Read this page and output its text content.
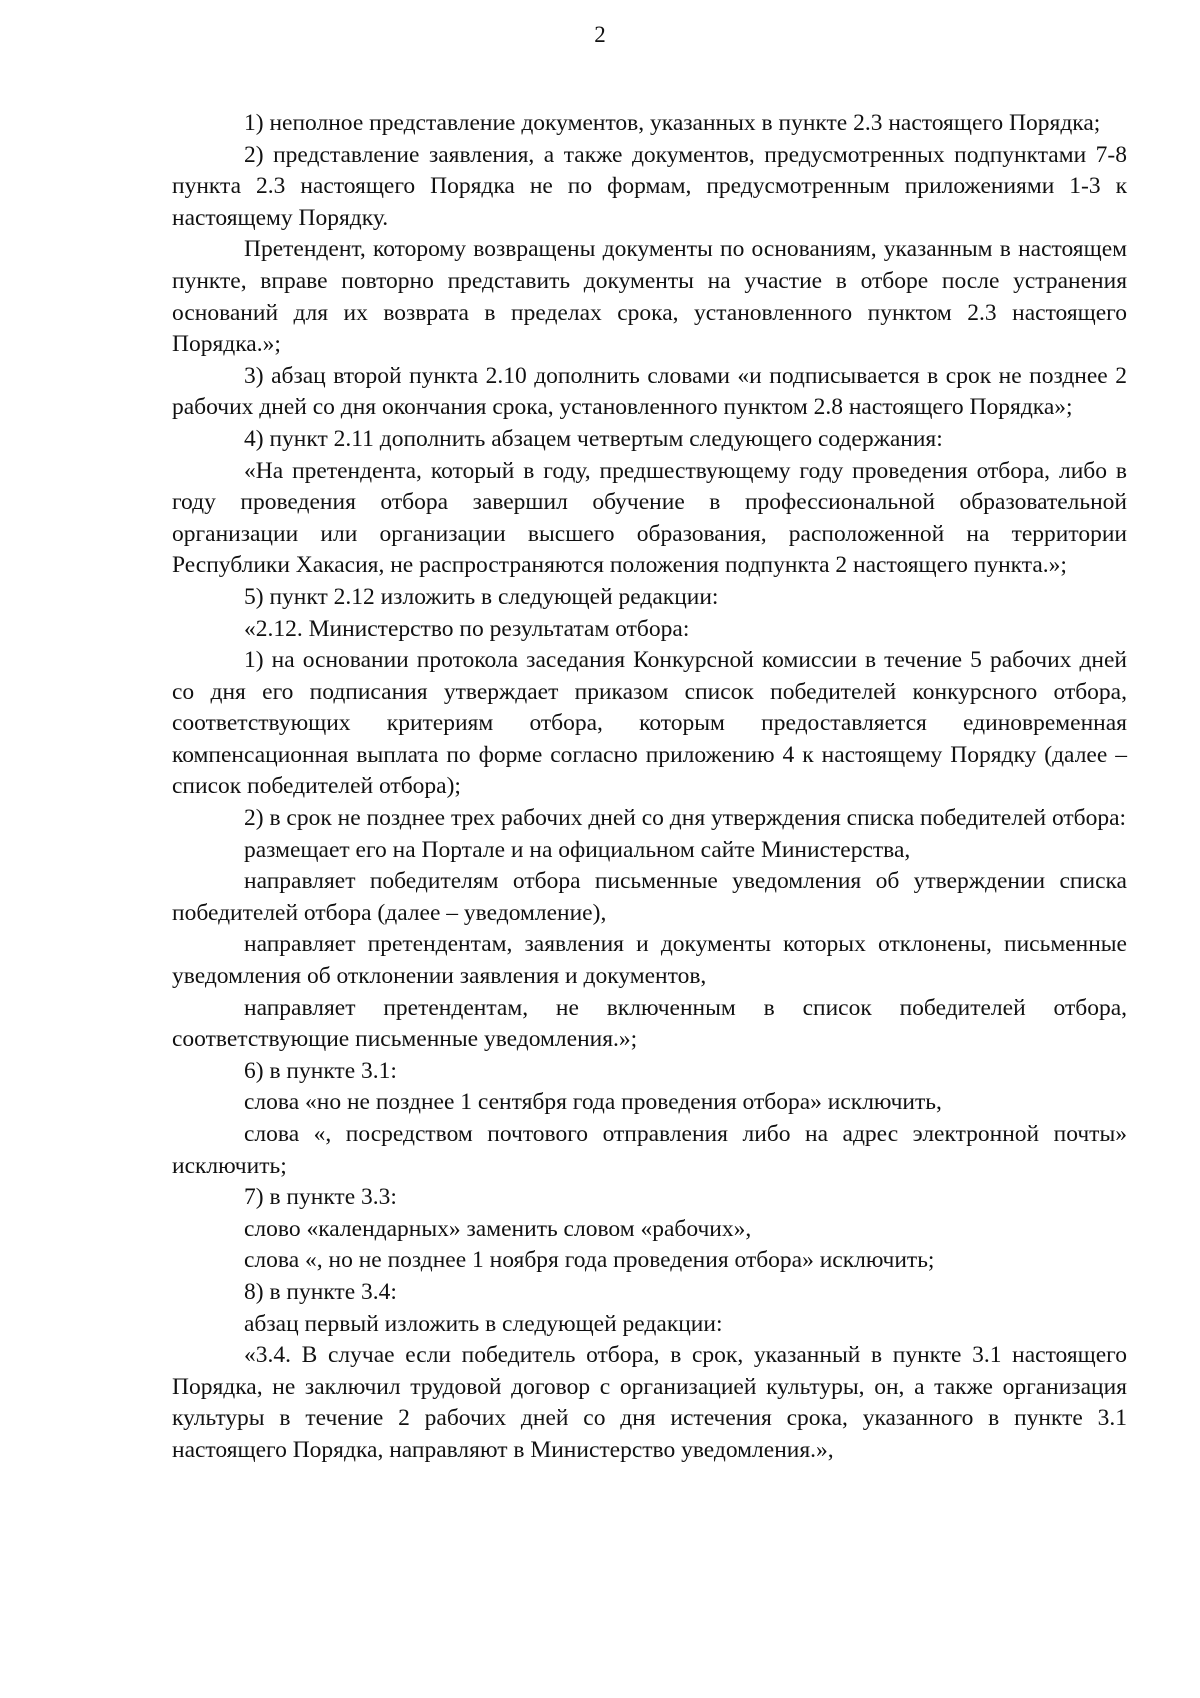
2

1) неполное представление документов, указанных в пункте 2.3 настоящего Порядка;

2) представление заявления, а также документов, предусмотренных подпунктами 7-8 пункта 2.3 настоящего Порядка не по формам, предусмотренным приложениями 1-3 к настоящему Порядку.

Претендент, которому возвращены документы по основаниям, указанным в настоящем пункте, вправе повторно представить документы на участие в отборе после устранения оснований для их возврата в пределах срока, установленного пунктом 2.3 настоящего Порядка.»;

3) абзац второй пункта 2.10 дополнить словами «и подписывается в срок не позднее 2 рабочих дней со дня окончания срока, установленного пунктом 2.8 настоящего Порядка»;

4) пункт 2.11 дополнить абзацем четвертым следующего содержания:

«На претендента, который в году, предшествующему году проведения отбора, либо в году проведения отбора завершил обучение в профессиональной образовательной организации или организации высшего образования, расположенной на территории Республики Хакасия, не распространяются положения подпункта 2 настоящего пункта.»;

5) пункт 2.12 изложить в следующей редакции:

«2.12. Министерство по результатам отбора:

1) на основании протокола заседания Конкурсной комиссии в течение 5 рабочих дней со дня его подписания утверждает приказом список победителей конкурсного отбора, соответствующих критериям отбора, которым предоставляется единовременная компенсационная выплата по форме согласно приложению 4 к настоящему Порядку (далее – список победителей отбора);

2) в срок не позднее трех рабочих дней со дня утверждения списка победителей отбора:

размещает его на Портале и на официальном сайте Министерства,

направляет победителям отбора письменные уведомления об утверждении списка победителей отбора (далее – уведомление),

направляет претендентам, заявления и документы которых отклонены, письменные уведомления об отклонении заявления и документов,

направляет претендентам, не включенным в список победителей отбора, соответствующие письменные уведомления.»;

6) в пункте 3.1:

слова «но не позднее 1 сентября года проведения отбора» исключить,

слова «, посредством почтового отправления либо на адрес электронной почты» исключить;

7) в пункте 3.3:

слово «календарных» заменить словом «рабочих»,

слова «, но не позднее 1 ноября года проведения отбора» исключить;

8) в пункте 3.4:

абзац первый изложить в следующей редакции:

«3.4. В случае если победитель отбора, в срок, указанный в пункте 3.1 настоящего Порядка, не заключил трудовой договор с организацией культуры, он, а также организация культуры в течение 2 рабочих дней со дня истечения срока, указанного в пункте 3.1 настоящего Порядка, направляют в Министерство уведомления.»,
